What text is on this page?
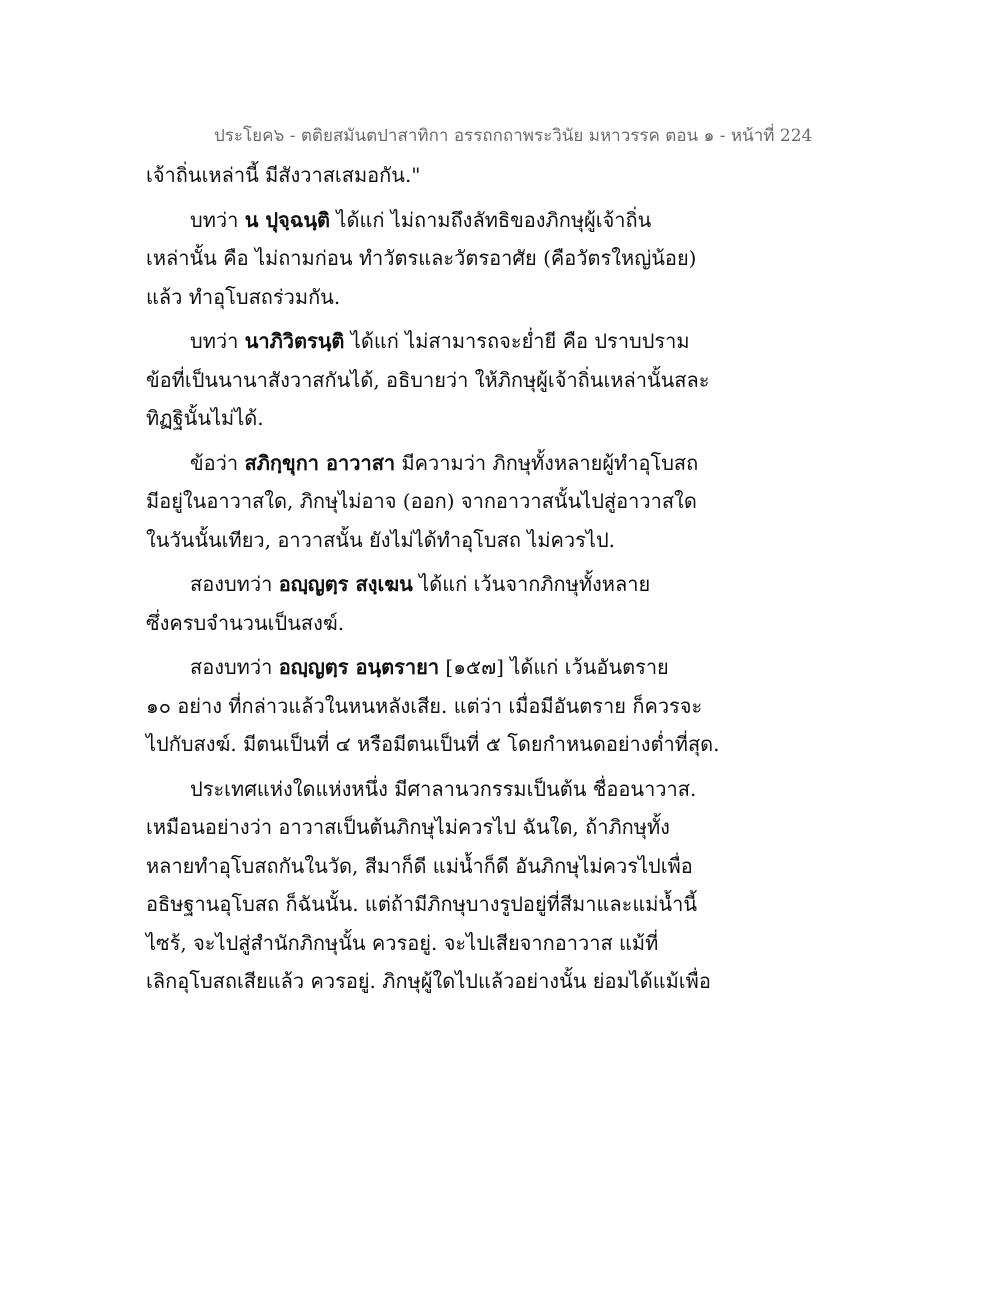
ประโยค๖ - ตติยสมันตปาสาทิกา อรรถกถาพระวินัย มหาวรรค ตอน ๑ - หน้าที่ 224
เจ้าถิ่นเหล่านี้ มีสังวาสเสมอกัน."
บทว่า น ปุจฺฉนฺติ ได้แก่ ไม่ถามถึงลัทธิของภิกษุผู้เจ้าถิ่น
เหล่านั้น คือ ไม่ถามก่อน ทำวัตรและวัตรอาศัย (คือวัตรใหญ่น้อย)
แล้ว ทำอุโบสถร่วมกัน.
บทว่า นาภิวิตรนฺติ ได้แก่ ไม่สามารถจะย่ำยี คือ ปราบปราม
ข้อที่เป็นนานาสังวาสกันได้, อธิบายว่า ให้ภิกษุผู้เจ้าถิ่นเหล่านั้นสละ
ทิฏฐินั้นไม่ได้.
ข้อว่า สภิกฺขุกา อาวาสา มีความว่า ภิกษุทั้งหลายผู้ทำอุโบสถ
มีอยู่ในอาวาสใด, ภิกษุไม่อาจ (ออก) จากอาวาสนั้นไปสู่อาวาสใด
ในวันนั้นเทียว, อาวาสนั้น ยังไม่ได้ทำอุโบสถ ไม่ควรไป.
สองบทว่า อญฺญตฺร สงฺเฆน ได้แก่ เว้นจากภิกษุทั้งหลาย
ซึ่งครบจำนวนเป็นสงฆ์.
สองบทว่า อญฺญตฺร อนฺตรายา [๑๕๗] ได้แก่ เว้นอันตราย
๑๐ อย่าง ที่กล่าวแล้วในหนหลังเสีย. แต่ว่า เมื่อมีอันตราย ก็ควรจะ
ไปกับสงฆ์. มีตนเป็นที่ ๔ หรือมีตนเป็นที่ ๕ โดยกำหนดอย่างต่ำที่สุด.
ประเทศแห่งใดแห่งหนึ่ง มีศาลานวกรรมเป็นต้น ชื่ออนาวาส.
เหมือนอย่างว่า อาวาสเป็นต้นภิกษุไม่ควรไป ฉันใด, ถ้าภิกษุทั้ง
หลายทำอุโบสถกันในวัด, สีมาก็ดี แม่น้ำก็ดี อันภิกษุไม่ควรไปเพื่อ
อธิษฐานอุโบสถ ก็ฉันนั้น. แต่ถ้ามีภิกษุบางรูปอยู่ที่สีมาและแม่น้ำนี้
ไซร้, จะไปสู่สำนักภิกษุนั้น ควรอยู่. จะไปเสียจากอาวาส แม้ที่
เลิกอุโบสถเสียแล้ว ควรอยู่. ภิกษุผู้ใดไปแล้วอย่างนั้น ย่อมได้แม้เพื่อ
